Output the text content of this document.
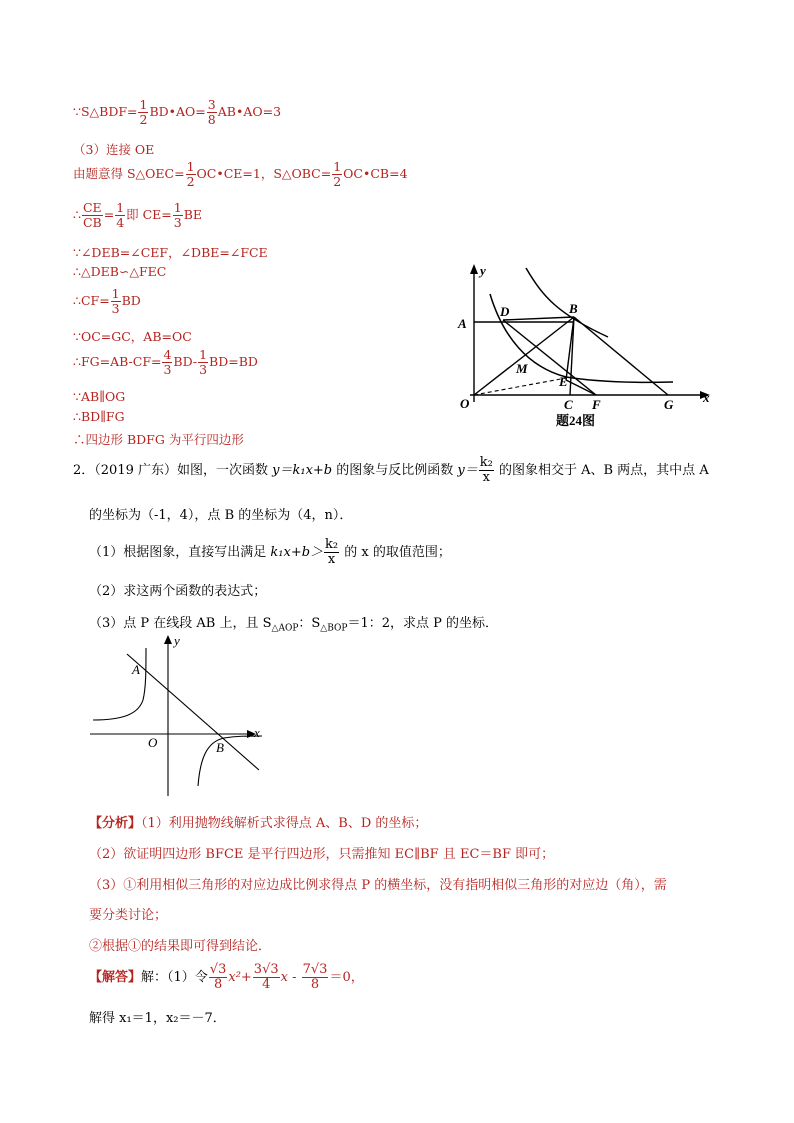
∵S△BDF= $\frac{1}{2}$ BD•AO= $\frac{3}{8}$ AB•AO=3
（3）连接 OE
由题意得 S△OEC= $\frac{1}{2}$ OC•CE=1，S△OBC= $\frac{1}{2}$ OC•CB=4
∴ $\frac{CE}{CB} = \frac{1}{4}$ 即 $CE= \frac{1}{3}$ BE
∵∠DEB=∠CEF，∠DBE=∠FCE
∴△DEB∽△FEC
∴CF= $\frac{1}{3}$ BD
∵OC=GC，AB=OC
∴FG=AB-CF= $\frac{4}{3} BD- \frac{1}{3} BD=BD$
∵AB∥OG
∴BD∥FG
∴四边形 BDFG 为平行四边形
y
x
A
D	B
M
E
O	C F	G
题24图
2．（2019 广东）如图，一次函数 y＝k₁x+b 的图象与反比例函数 $y= \frac{\text{k₂}}{x}$ 的图象相交于 A、B 两点，其中点 A
的坐标为（-1，4），点 B 的坐标为（4，n）．
（1）根据图象，直接写出满足 $k_1x+b> \frac{\text{k₂}}{x}$ 的 x 的取值范围；
（2）求这两个函数的表达式；
（3）点 P 在线段 AB 上，且 $S_{\triangle AOP}$：$S_{\triangle BOP}=1$：2，求点 P 的坐标．
y
x
A
O	B
【分析】（1）利用抛物线解析式求得点 A、B、D 的坐标；
（2）欲证明四边形 BFCE 是平行四边形，只需推知 EC∥BF 且 EC＝BF 即可；
（3）①利用相似三角形的对应边成比例求得点 P 的横坐标，没有指明相似三角形的对应边（角），需
要分类讨论；
②根据①的结果即可得到结论．
【解答】解：（1）令 $\frac{√3}{8} x^2+ \frac{3√3}{4}$ $x - \frac{7√3}{8} =0$，
解得 x₁＝1，x₂＝－7．
